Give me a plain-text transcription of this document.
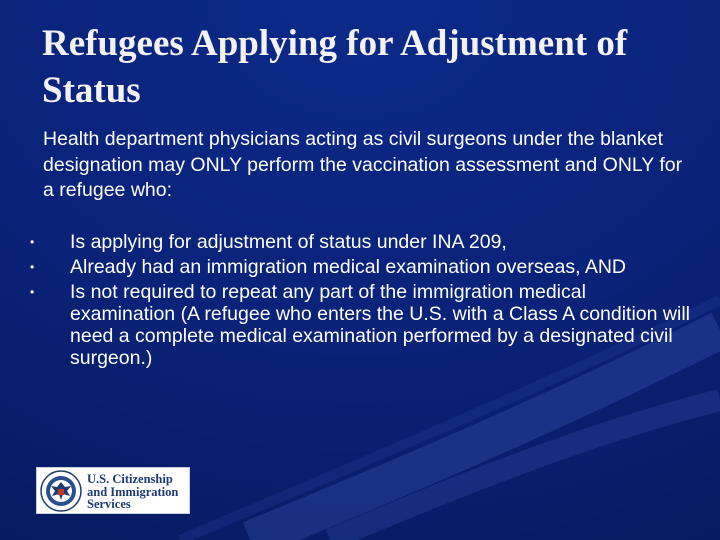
Refugees Applying for Adjustment of Status

Health department physicians acting as civil surgeons under the blanket designation may ONLY perform the vaccination assessment and ONLY for a refugee who:

• Is applying for adjustment of status under INA 209,
• Already had an immigration medical examination overseas, AND
• Is not required to repeat any part of the immigration medical examination (A refugee who enters the U.S. with a Class A condition will need a complete medical examination performed by a designated civil surgeon.)
U.S. Citizenship
and Immigration
Services
